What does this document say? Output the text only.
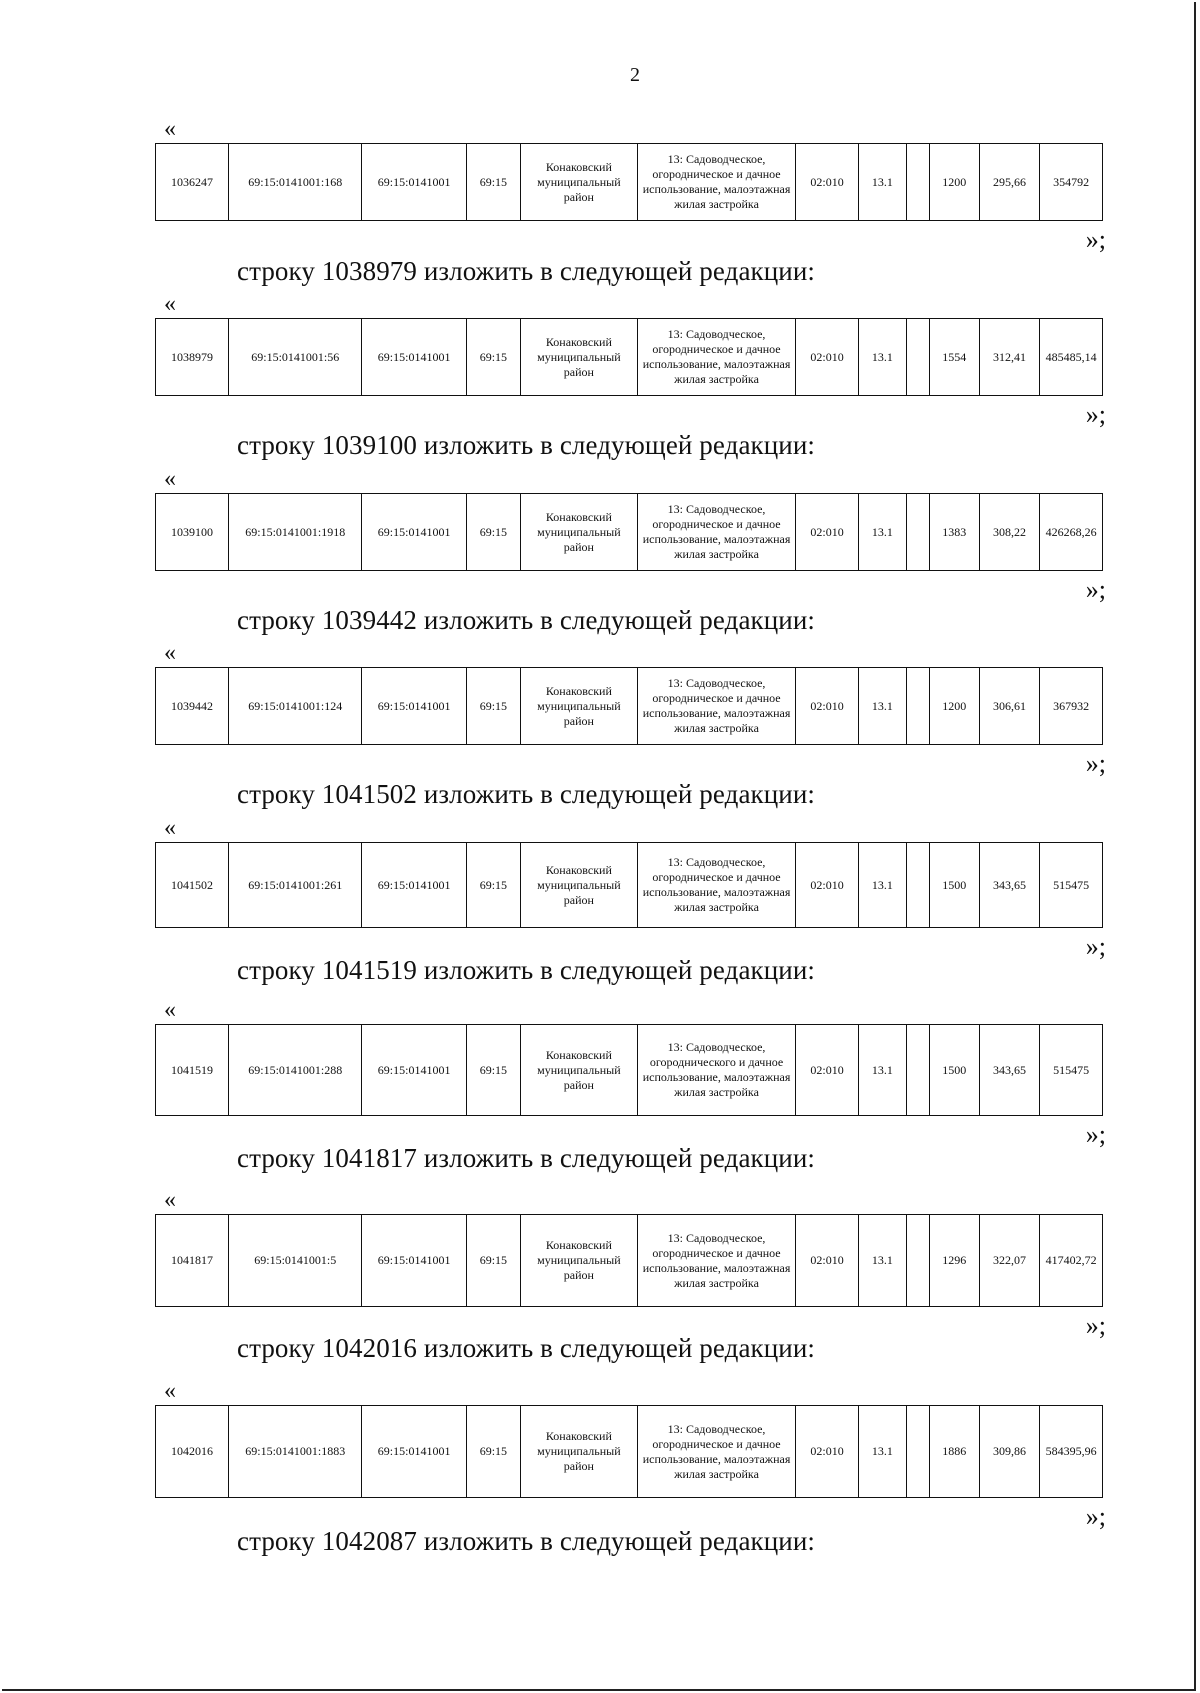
2
«
1036247	69:15:0141001:168	69:15:0141001	69:15	Конаковский муниципальный район	13: Садоводческое, огородническое и дачное использование, малоэтажная жилая застройка	02:010	13.1		1200	295,66	354792
»;
«
1038979	69:15:0141001:56	69:15:0141001	69:15	Конаковский муниципальный район	13: Садоводческое, огородническое и дачное использование, малоэтажная жилая застройка	02:010	13.1		1554	312,41	485485,14
»;
«
1039100	69:15:0141001:1918	69:15:0141001	69:15	Конаковский муниципальный район	13: Садоводческое, огородническое и дачное использование, малоэтажная жилая застройка	02:010	13.1		1383	308,22	426268,26
»;
«
1039442	69:15:0141001:124	69:15:0141001	69:15	Конаковский муниципальный район	13: Садоводческое, огородническое и дачное использование, малоэтажная жилая застройка	02:010	13.1		1200	306,61	367932
»;
«
1041502	69:15:0141001:261	69:15:0141001	69:15	Конаковский муниципальный район	13: Садоводческое, огородническое и дачное использование, малоэтажная жилая застройка	02:010	13.1		1500	343,65	515475
»;
«
1041519	69:15:0141001:288	69:15:0141001	69:15	Конаковский муниципальный район	13: Садоводческое, огороднического и дачное использование, малоэтажная жилая застройка	02:010	13.1		1500	343,65	515475
»;
«
1041817	69:15:0141001:5	69:15:0141001	69:15	Конаковский муниципальный район	13: Садоводческое, огородническое и дачное использование, малоэтажная жилая застройка	02:010	13.1		1296	322,07	417402,72
»;
«
1042016	69:15:0141001:1883	69:15:0141001	69:15	Конаковский муниципальный район	13: Садоводческое, огородническое и дачное использование, малоэтажная жилая застройка	02:010	13.1		1886	309,86	584395,96
»;
строку 1038979 изложить в следующей редакции:
строку 1039100 изложить в следующей редакции:
строку 1039442 изложить в следующей редакции:
строку 1041502 изложить в следующей редакции:
строку 1041519 изложить в следующей редакции:
строку 1041817 изложить в следующей редакции:
строку 1042016 изложить в следующей редакции:
строку 1042087 изложить в следующей редакции:
